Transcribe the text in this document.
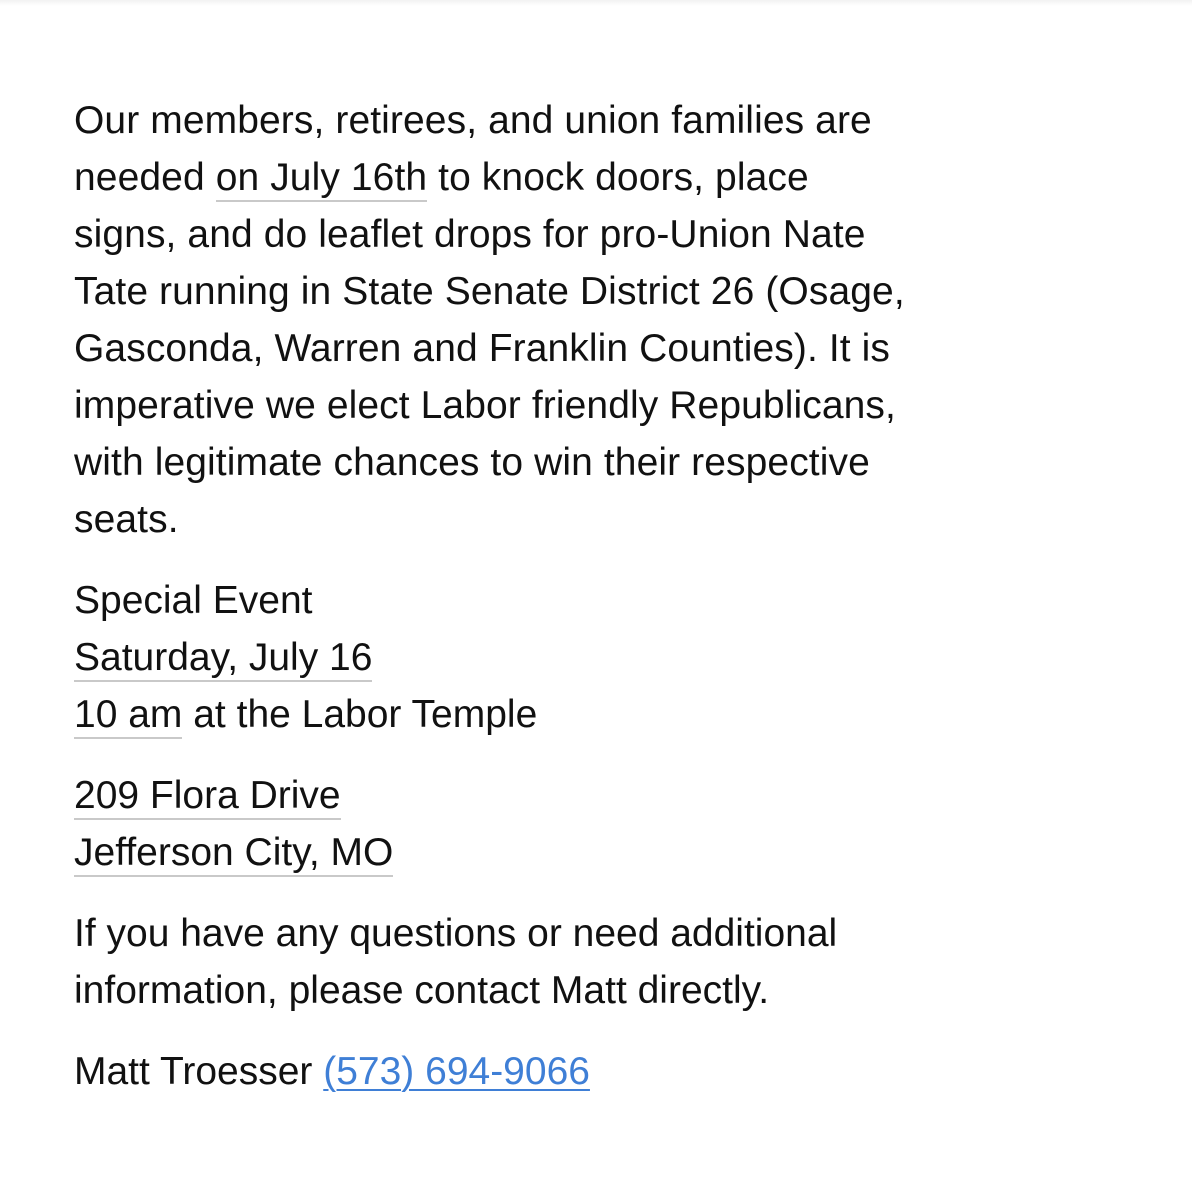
Our members, retirees, and union families are
needed on July 16th to knock doors, place
signs, and do leaflet drops for pro-Union Nate
Tate running in State Senate District 26 (Osage,
Gasconda, Warren and Franklin Counties). It is
imperative we elect Labor friendly Republicans,
with legitimate chances to win their respective
seats.
Special Event
Saturday, July 16
10 am at the Labor Temple
209 Flora Drive
Jefferson City, MO
If you have any questions or need additional
information, please contact Matt directly.
Matt Troesser (573) 694-9066
